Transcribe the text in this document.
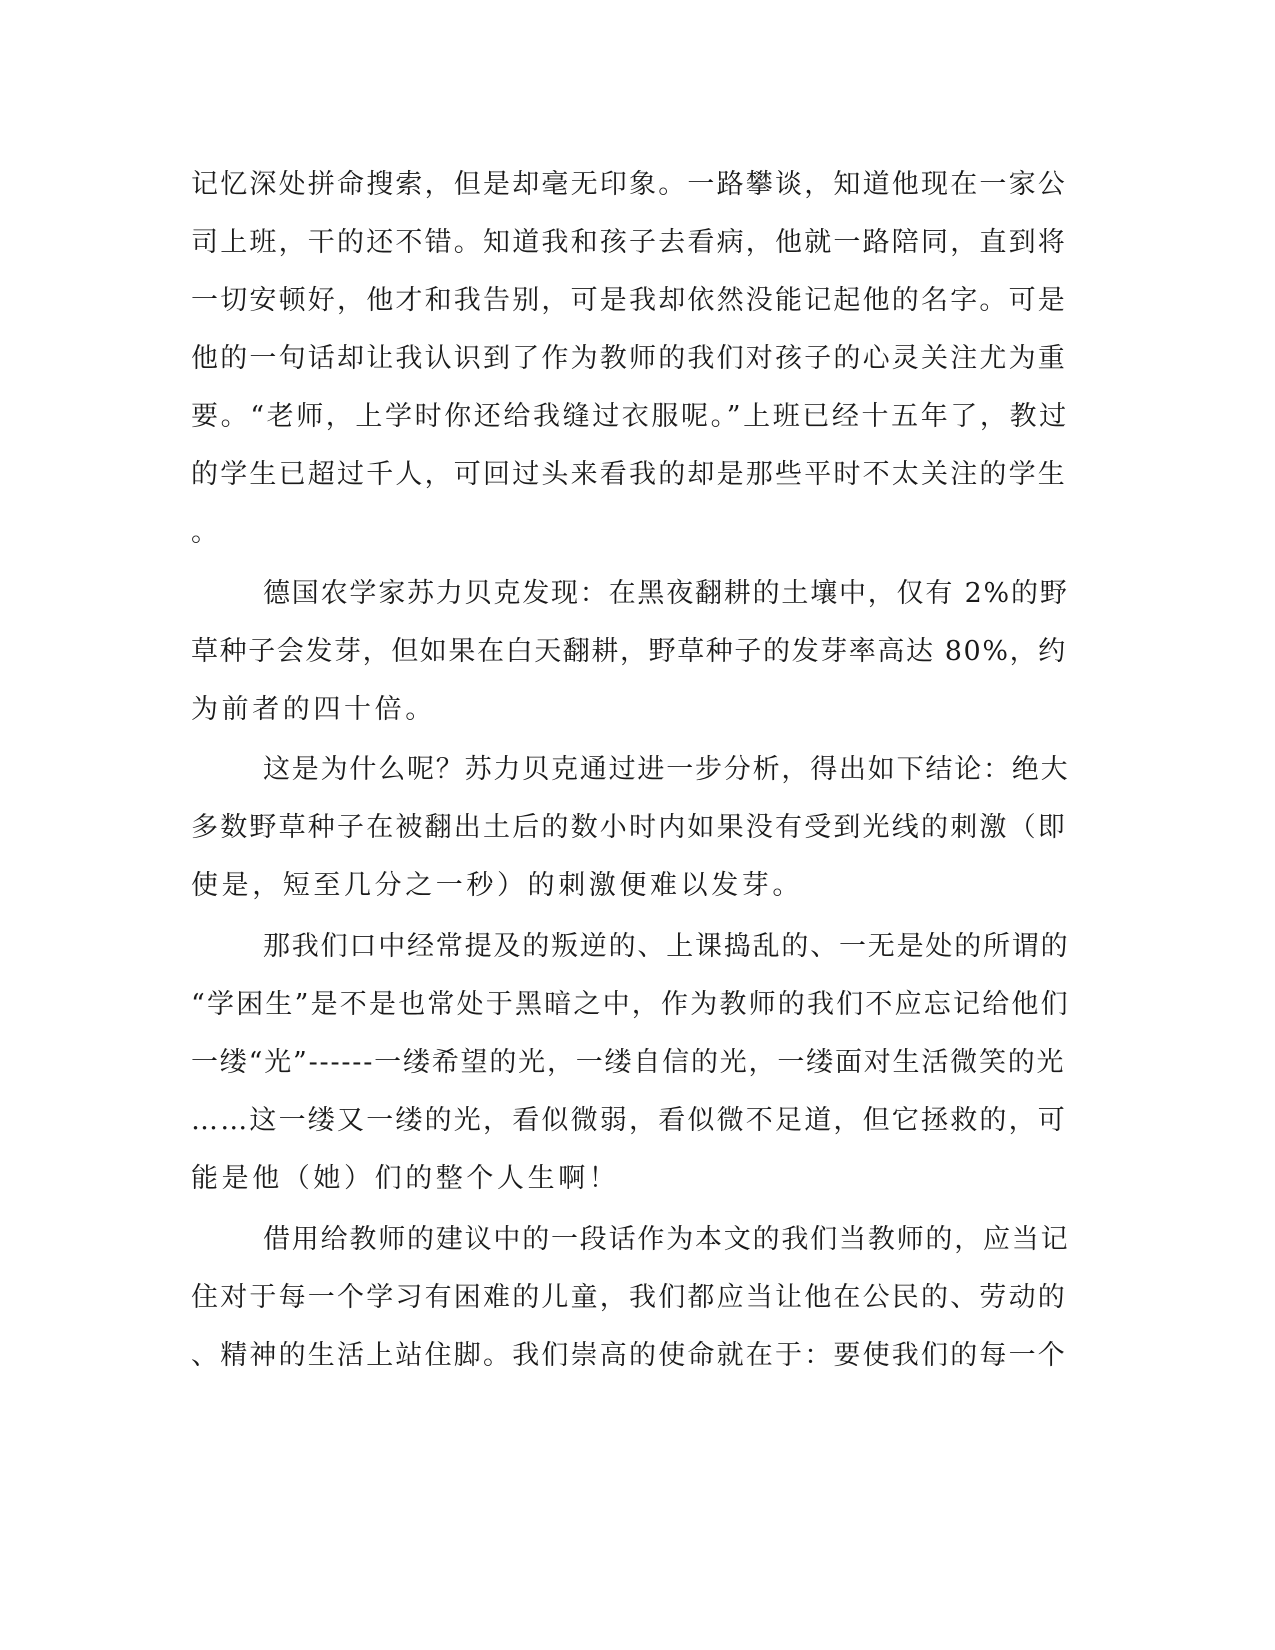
记忆深处拼命搜索，但是却毫无印象。一路攀谈，知道他现在一家公
司上班，干的还不错。知道我和孩子去看病，他就一路陪同，直到将
一切安顿好，他才和我告别，可是我却依然没能记起他的名字。可是
他的一句话却让我认识到了作为教师的我们对孩子的心灵关注尤为重
要。“老师，上学时你还给我缝过衣服呢。”上班已经十五年了，教过
的学生已超过千人，可回过头来看我的却是那些平时不太关注的学生
。
德国农学家苏力贝克发现：在黑夜翻耕的土壤中，仅有 2%的野
草种子会发芽，但如果在白天翻耕，野草种子的发芽率高达 80%，约
为前者的四十倍。
这是为什么呢？苏力贝克通过进一步分析，得出如下结论：绝大
多数野草种子在被翻出土后的数小时内如果没有受到光线的刺激（即
使是，短至几分之一秒）的刺激便难以发芽。
那我们口中经常提及的叛逆的、上课捣乱的、一无是处的所谓的
“学困生”是不是也常处于黑暗之中，作为教师的我们不应忘记给他们
一缕“光”------一缕希望的光，一缕自信的光，一缕面对生活微笑的光
……这一缕又一缕的光，看似微弱，看似微不足道，但它拯救的，可
能是他（她）们的整个人生啊！
借用给教师的建议中的一段话作为本文的我们当教师的，应当记
住对于每一个学习有困难的儿童，我们都应当让他在公民的、劳动的
、精神的生活上站住脚。我们崇高的使命就在于：要使我们的每一个
